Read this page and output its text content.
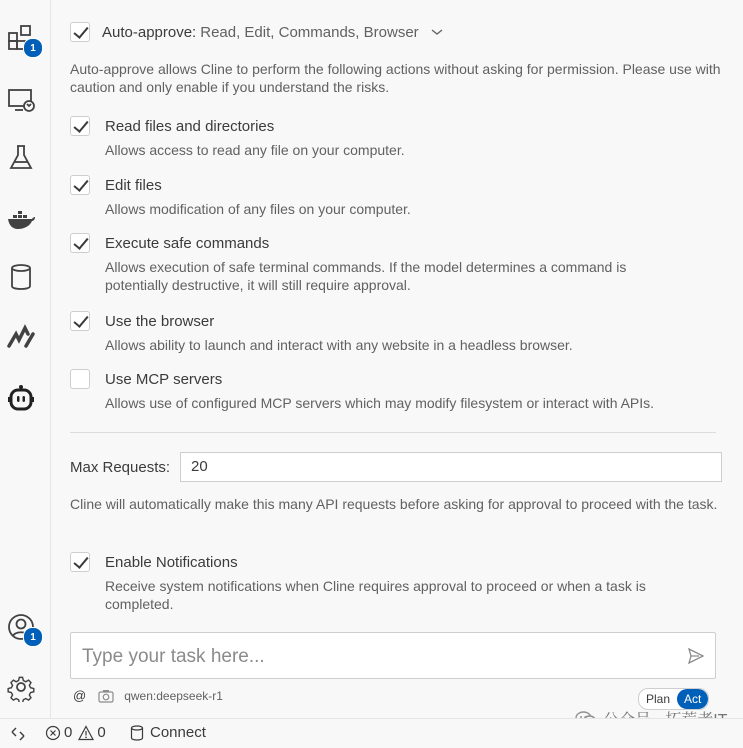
1
1
Auto-approve: Read, Edit, Commands, Browser
Auto-approve allows Cline to perform the following actions without asking for permission. Please use with caution and only enable if you understand the risks.
Read files and directories
Allows access to read any file on your computer.
Edit files
Allows modification of any files on your computer.
Execute safe commands
Allows execution of safe terminal commands. If the model determines a command is potentially destructive, it will still require approval.
Use the browser
Allows ability to launch and interact with any website in a headless browser.
Use MCP servers
Allows use of configured MCP servers which may modify filesystem or interact with APIs.
Max Requests:	20
Cline will automatically make this many API requests before asking for approval to proceed with the task.
Enable Notifications
Receive system notifications when Cline requires approval to proceed or when a task is completed.
Type your task here...
@	qwen:deepseek-r1	Plan	Act
0 0	Connect
